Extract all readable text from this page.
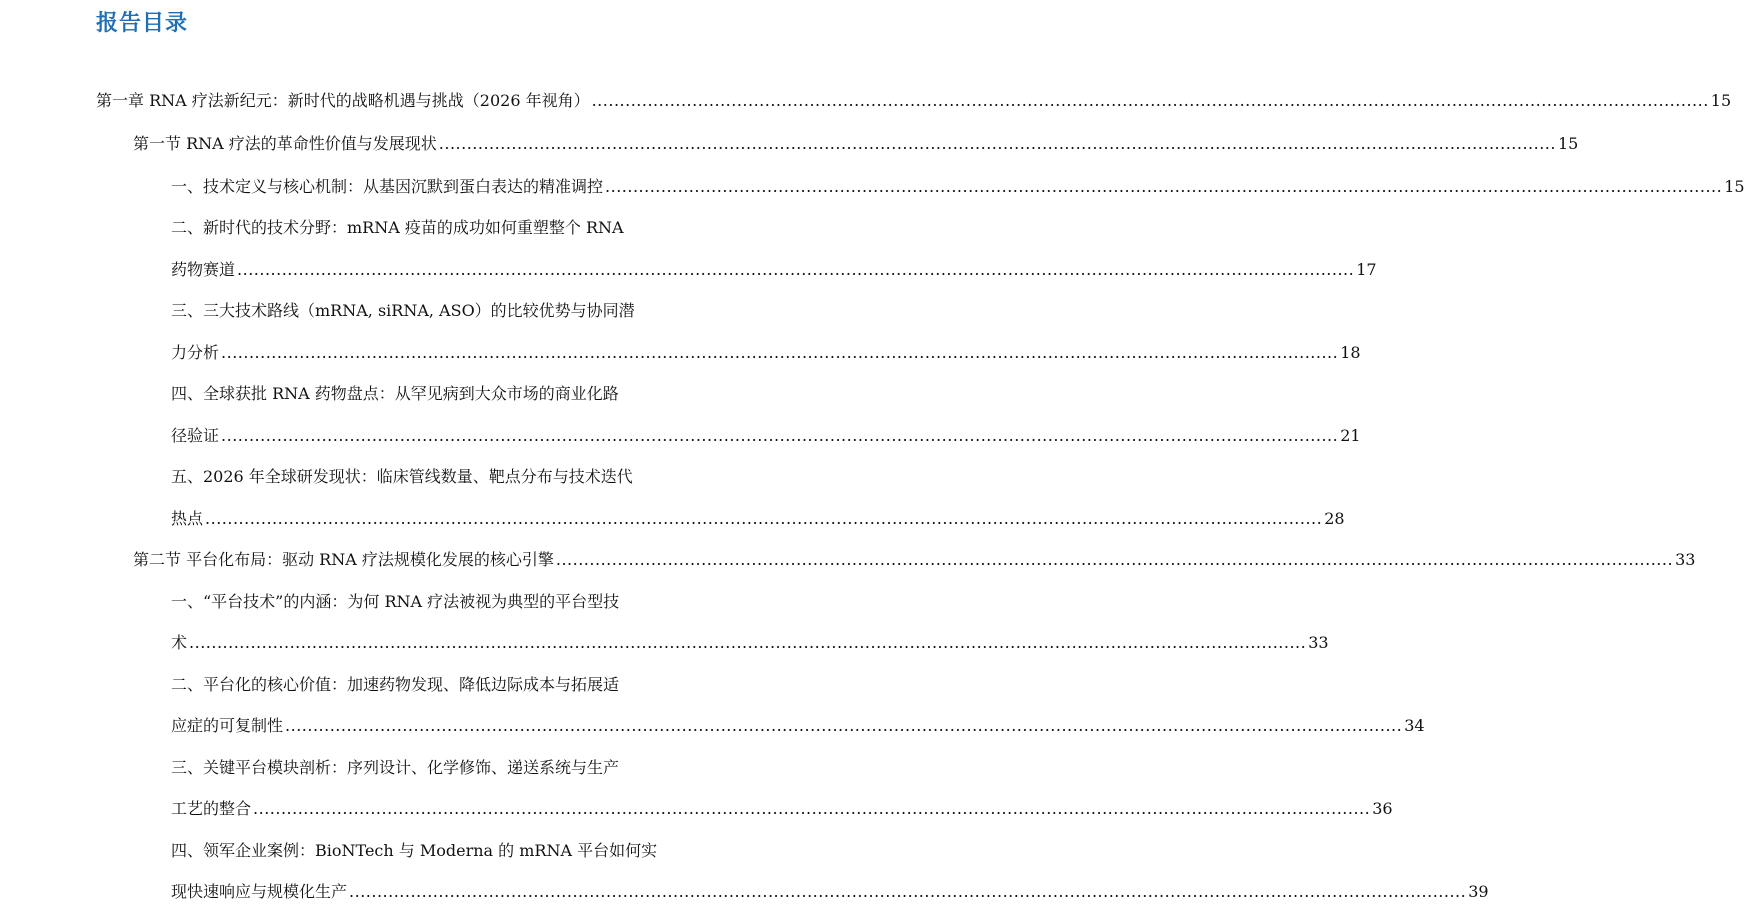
报告目录
第一章 RNA 疗法新纪元：新时代的战略机遇与挑战（2026 年视角） ........................................................................................................................................................................................................ 15
第一节 RNA 疗法的革命性价值与发展现状 ........................................................................................................................................................................................................ 15
一、技术定义与核心机制：从基因沉默到蛋白表达的精准调控 ........................................................................................................................................................................................................ 15
二、新时代的技术分野：mRNA 疫苗的成功如何重塑整个 RNA
药物赛道 ........................................................................................................................................................................................................ 17
三、三大技术路线（mRNA, siRNA, ASO）的比较优势与协同潜
力分析 ........................................................................................................................................................................................................ 18
四、全球获批 RNA 药物盘点：从罕见病到大众市场的商业化路
径验证 ........................................................................................................................................................................................................ 21
五、2026 年全球研发现状：临床管线数量、靶点分布与技术迭代
热点 ........................................................................................................................................................................................................ 28
第二节 平台化布局：驱动 RNA 疗法规模化发展的核心引擎 ........................................................................................................................................................................................................ 33
一、“平台技术”的内涵：为何 RNA 疗法被视为典型的平台型技
术 ........................................................................................................................................................................................................ 33
二、平台化的核心价值：加速药物发现、降低边际成本与拓展适
应症的可复制性 ........................................................................................................................................................................................................ 34
三、关键平台模块剖析：序列设计、化学修饰、递送系统与生产
工艺的整合 ........................................................................................................................................................................................................ 36
四、领军企业案例：BioNTech 与 Moderna 的 mRNA 平台如何实
现快速响应与规模化生产 ........................................................................................................................................................................................................ 39
